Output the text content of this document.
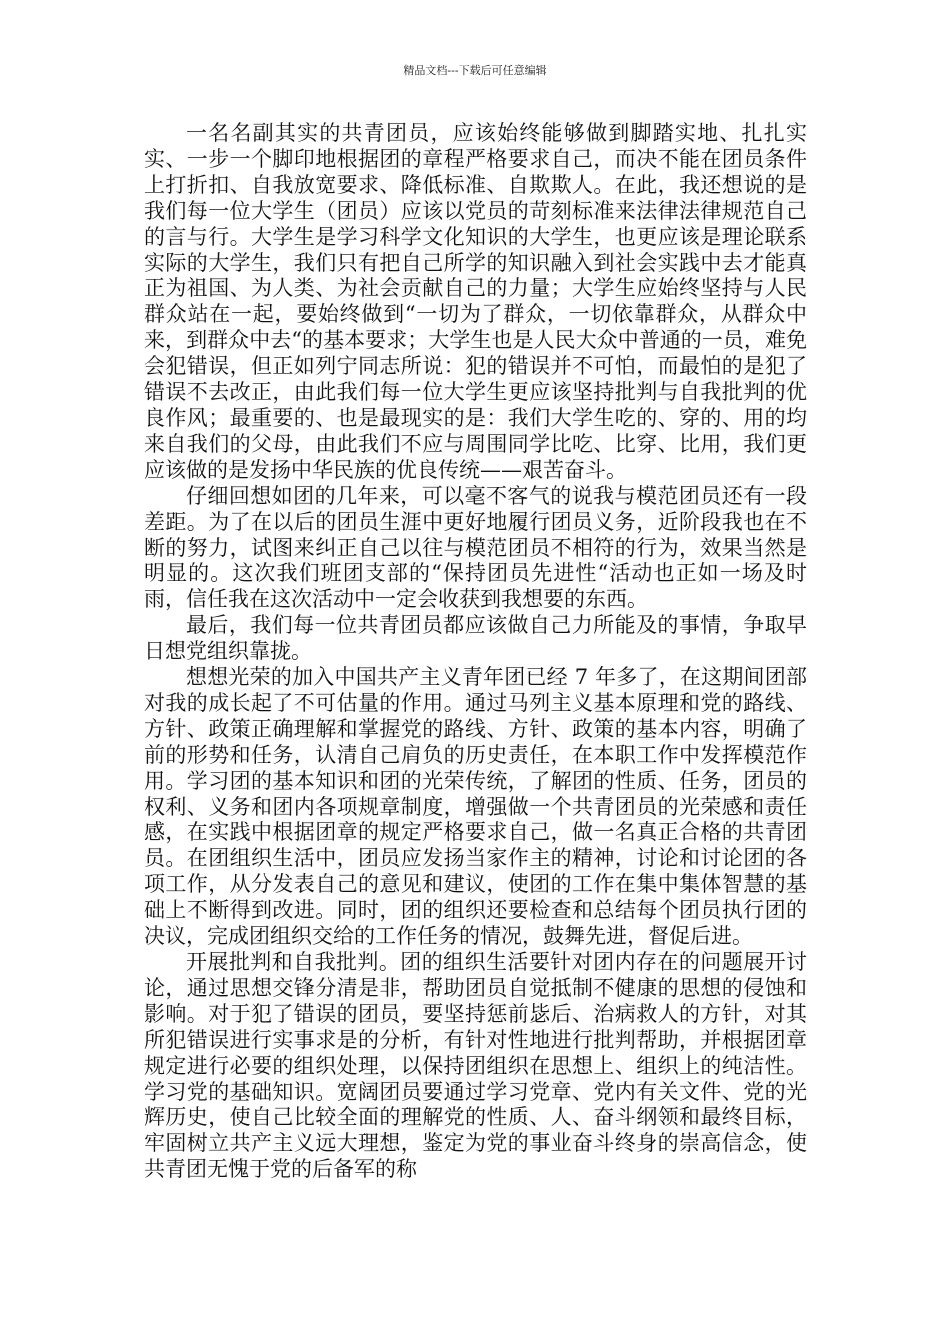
精品文档---下载后可任意编辑

一名名副其实的共青团员，应该始终能够做到脚踏实地、扎扎实实、一步一个脚印地根据团的章程严格要求自己，而决不能在团员条件上打折扣、自我放宽要求、降低标准、自欺欺人。在此，我还想说的是我们每一位大学生（团员）应该以党员的苛刻标准来法律法律规范自己的言与行。大学生是学习科学文化知识的大学生，也更应该是理论联系实际的大学生，我们只有把自己所学的知识融入到社会实践中去才能真正为祖国、为人类、为社会贡献自己的力量；大学生应始终坚持与人民群众站在一起，要始终做到“一切为了群众，一切依靠群众，从群众中来，到群众中去“的基本要求；大学生也是人民大众中普通的一员，难免会犯错误，但正如列宁同志所说：犯的错误并不可怕，而最怕的是犯了错误不去改正，由此我们每一位大学生更应该坚持批判与自我批判的优良作风；最重要的、也是最现实的是：我们大学生吃的、穿的、用的均来自我们的父母，由此我们不应与周围同学比吃、比穿、比用，我们更应该做的是发扬中华民族的优良传统——艰苦奋斗。

仔细回想如团的几年来，可以毫不客气的说我与模范团员还有一段差距。为了在以后的团员生涯中更好地履行团员义务，近阶段我也在不断的努力，试图来纠正自己以往与模范团员不相符的行为，效果当然是明显的。这次我们班团支部的“保持团员先进性“活动也正如一场及时雨，信任我在这次活动中一定会收获到我想要的东西。

最后，我们每一位共青团员都应该做自己力所能及的事情，争取早日想党组织靠拢。

想想光荣的加入中国共产主义青年团已经 7 年多了，在这期间团部对我的成长起了不可估量的作用。通过马列主义基本原理和党的路线、方针、政策正确理解和掌握党的路线、方针、政策的基本内容，明确了前的形势和任务，认清自己肩负的历史责任，在本职工作中发挥模范作用。学习团的基本知识和团的光荣传统，了解团的性质、任务，团员的权利、义务和团内各项规章制度，增强做一个共青团员的光荣感和责任感，在实践中根据团章的规定严格要求自己，做一名真正合格的共青团员。在团组织生活中，团员应发扬当家作主的精神，讨论和讨论团的各项工作，从分发表自己的意见和建议，使团的工作在集中集体智慧的基础上不断得到改进。同时，团的组织还要检查和总结每个团员执行团的决议，完成团组织交给的工作任务的情况，鼓舞先进，督促后进。

开展批判和自我批判。团的组织生活要针对团内存在的问题展开讨论，通过思想交锋分清是非，帮助团员自觉抵制不健康的思想的侵蚀和影响。对于犯了错误的团员，要坚持惩前毖后、治病救人的方针，对其所犯错误进行实事求是的分析，有针对性地进行批判帮助，并根据团章规定进行必要的组织处理，以保持团组织在思想上、组织上的纯洁性。学习党的基础知识。宽阔团员要通过学习党章、党内有关文件、党的光辉历史，使自己比较全面的理解党的性质、人、奋斗纲领和最终目标，牢固树立共产主义远大理想，鉴定为党的事业奋斗终身的崇高信念，使共青团无愧于党的后备军的称
